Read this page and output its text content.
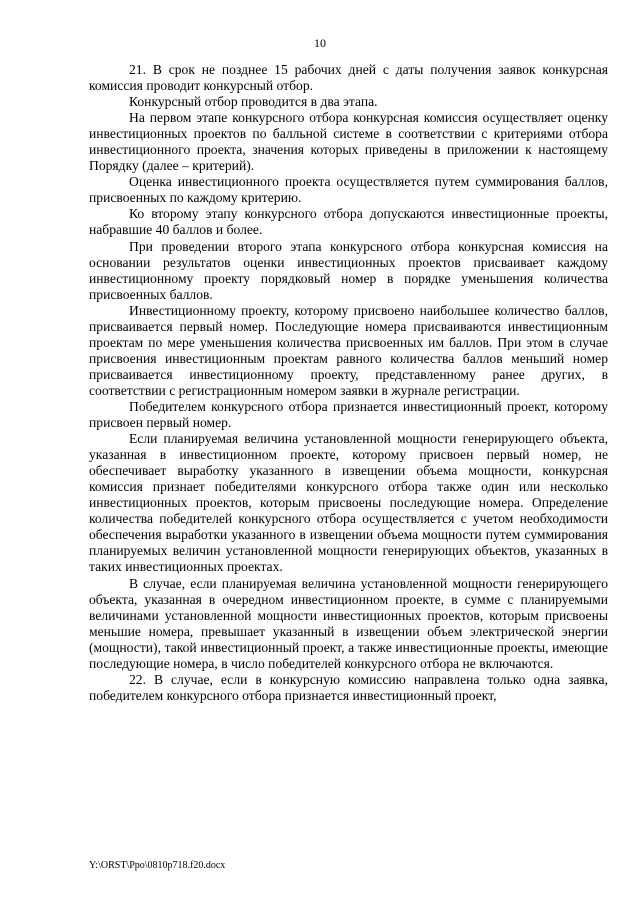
10

21. В срок не позднее 15 рабочих дней с даты получения заявок конкурсная комиссия проводит конкурсный отбор.

Конкурсный отбор проводится в два этапа.

На первом этапе конкурсного отбора конкурсная комиссия осуществляет оценку инвестиционных проектов по балльной системе в соответствии с критериями отбора инвестиционного проекта, значения которых приведены в приложении к настоящему Порядку (далее – критерий).

Оценка инвестиционного проекта осуществляется путем суммирования баллов, присвоенных по каждому критерию.

Ко второму этапу конкурсного отбора допускаются инвестиционные проекты, набравшие 40 баллов и более.

При проведении второго этапа конкурсного отбора конкурсная комиссия на основании результатов оценки инвестиционных проектов присваивает каждому инвестиционному проекту порядковый номер в порядке уменьшения количества присвоенных баллов.

Инвестиционному проекту, которому присвоено наибольшее количество баллов, присваивается первый номер. Последующие номера присваиваются инвестиционным проектам по мере уменьшения количества присвоенных им баллов. При этом в случае присвоения инвестиционным проектам равного количества баллов меньший номер присваивается инвестиционному проекту, представленному ранее других, в соответствии с регистрационным номером заявки в журнале регистрации.

Победителем конкурсного отбора признается инвестиционный проект, которому присвоен первый номер.

Если планируемая величина установленной мощности генерирующего объекта, указанная в инвестиционном проекте, которому присвоен первый номер, не обеспечивает выработку указанного в извещении объема мощности, конкурсная комиссия признает победителями конкурсного отбора также один или несколько инвестиционных проектов, которым присвоены последующие номера. Определение количества победителей конкурсного отбора осуществляется с учетом необходимости обеспечения выработки указанного в извещении объема мощности путем суммирования планируемых величин установленной мощности генерирующих объектов, указанных в таких инвестиционных проектах.

В случае, если планируемая величина установленной мощности генерирующего объекта, указанная в очередном инвестиционном проекте, в сумме с планируемыми величинами установленной мощности инвестиционных проектов, которым присвоены меньшие номера, превышает указанный в извещении объем электрической энергии (мощности), такой инвестиционный проект, а также инвестиционные проекты, имеющие последующие номера, в число победителей конкурсного отбора не включаются.

22. В случае, если в конкурсную комиссию направлена только одна заявка, победителем конкурсного отбора признается инвестиционный проект,

Y:\ORST\Ppo\0810p718.f20.docx
